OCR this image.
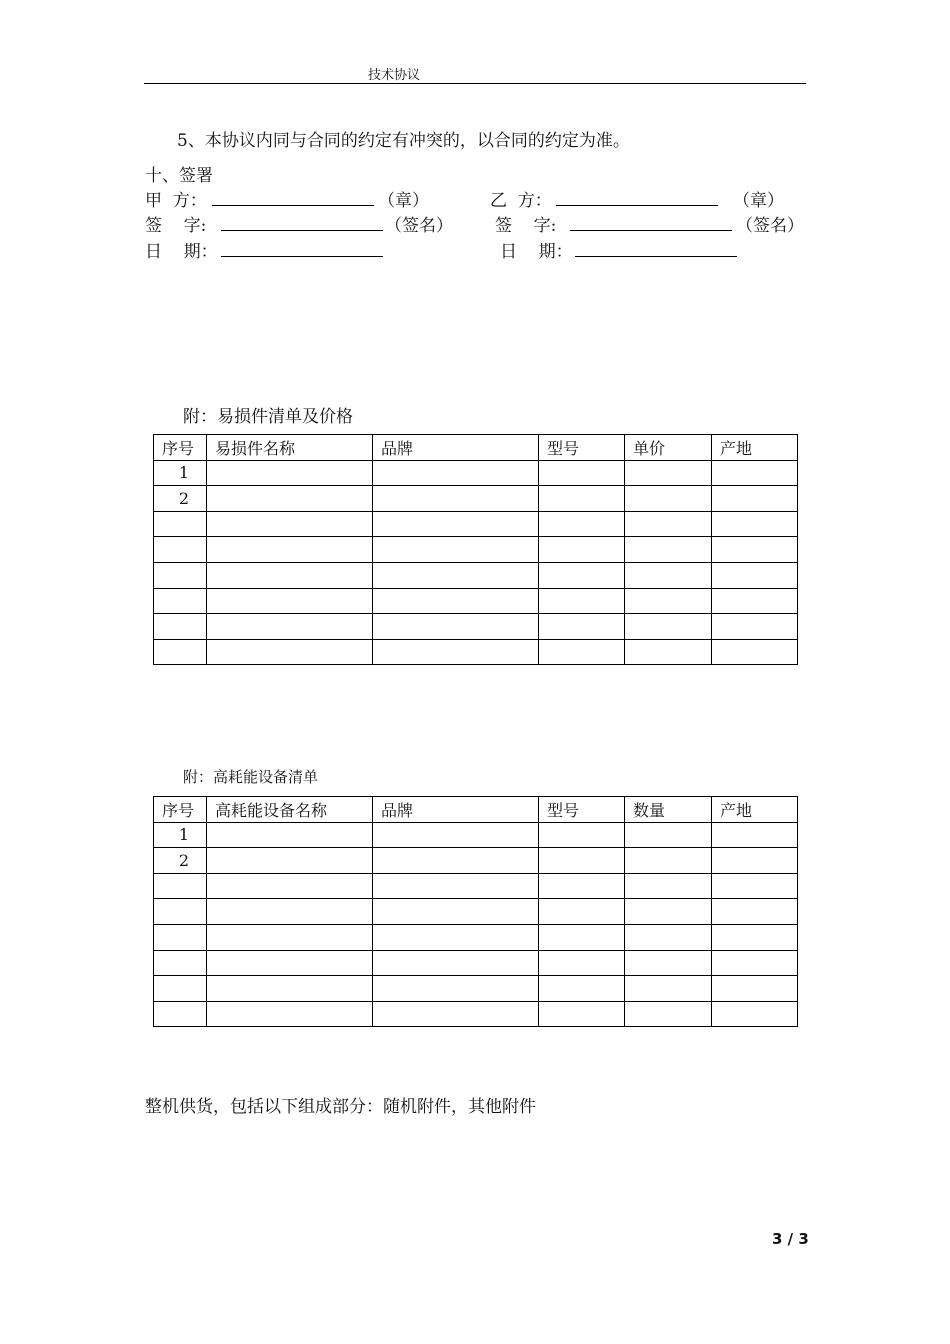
技术协议
5、本协议内同与合同的约定有冲突的，以合同的约定为准。
十、签署
甲  方：	（章）	乙  方：	（章）
签    字:	（签名） 签    字:	（签名）
日    期：	日    期：
附：易损件清单及价格
序号	易损件名称	品牌	型号	单价	产地
1					
2					

附：高耗能设备清单
序号	高耗能设备名称	品牌	型号	数量	产地
1					
2					

整机供货，包括以下组成部分：随机附件，其他附件
3 / 3
